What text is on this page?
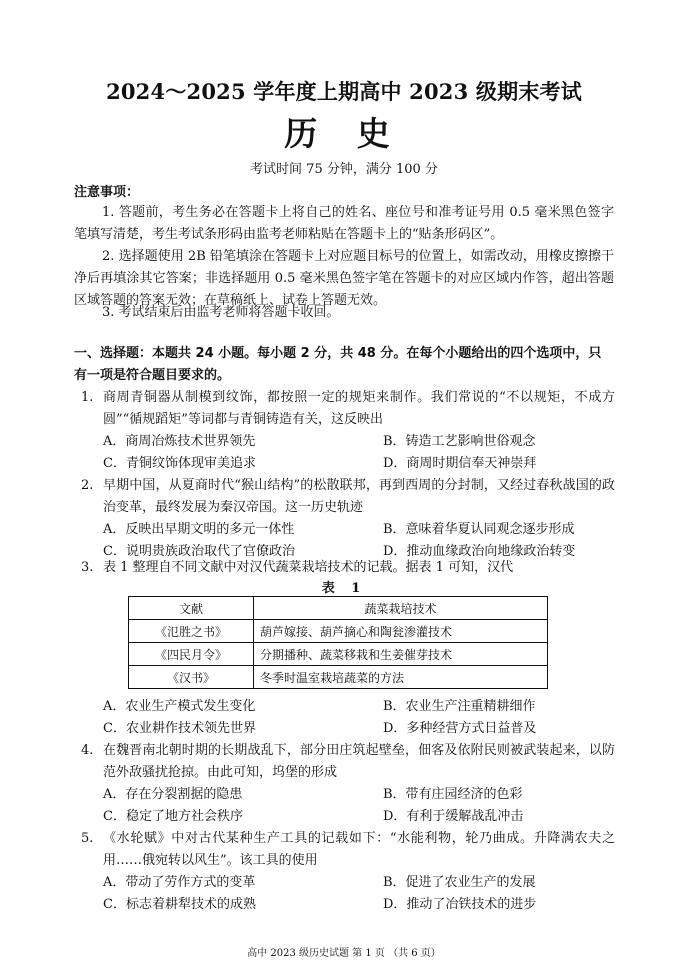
2024～2025 学年度上期高中 2023 级期末考试
历 史
考试时间 75 分钟，满分 100 分
注意事项：
1. 答题前，考生务必在答题卡上将自己的姓名、座位号和准考证号用 0.5 毫米黑色签字笔填写清楚，考生考试条形码由监考老师粘贴在答题卡上的“贴条形码区”。
2. 选择题使用 2B 铅笔填涂在答题卡上对应题目标号的位置上，如需改动，用橡皮擦擦干净后再填涂其它答案；非选择题用 0.5 毫米黑色签字笔在答题卡的对应区域内作答，超出答题区域答题的答案无效；在草稿纸上、试卷上答题无效。
3. 考试结束后由监考老师将答题卡收回。
一、选择题：本题共 24 小题。每小题 2 分，共 48 分。在每个小题给出的四个选项中，只有一项是符合题目要求的。
1. 商周青铜器从制模到纹饰，都按照一定的规矩来制作。我们常说的“不以规矩，不成方圆”“循规蹈矩”等词都与青铜铸造有关，这反映出
A．商周冶炼技术世界领先	B．铸造工艺影响世俗观念
C．青铜纹饰体现审美追求	D．商周时期信奉天神崇拜
2. 早期中国，从夏商时代“猴山结构”的松散联邦，再到西周的分封制，又经过春秋战国的政治变革，最终发展为秦汉帝国。这一历史轨迹
A．反映出早期文明的多元一体性	B．意味着华夏认同观念逐步形成
C．说明贵族政治取代了官僚政治	D．推动血缘政治向地缘政治转变
3. 表 1 整理自不同文献中对汉代蔬菜栽培技术的记载。据表 1 可知，汉代
表 1
文献	蔬菜栽培技术
《氾胜之书》	葫芦嫁接、葫芦摘心和陶瓮渗灌技术
《四民月令》	分期播种、蔬菜移栽和生姜催芽技术
《汉书》	冬季时温室栽培蔬菜的方法
A．农业生产模式发生变化	B．农业生产注重精耕细作
C．农业耕作技术领先世界	D．多种经营方式日益普及
4. 在魏晋南北朝时期的长期战乱下，部分田庄筑起壁垒，佃客及依附民则被武装起来，以防范外敌骚扰抢掠。由此可知，坞堡的形成
A．存在分裂割据的隐患	B．带有庄园经济的色彩
C．稳定了地方社会秩序	D．有利于缓解战乱冲击
5. 《水轮赋》中对古代某种生产工具的记载如下：“水能利物，轮乃曲成。升降满农夫之用……俄宛转以风生”。该工具的使用
A．带动了劳作方式的变革	B．促进了农业生产的发展
C．标志着耕犁技术的成熟	D．推动了冶铁技术的进步
高中 2023 级历史试题 第 1 页 （共 6 页）
